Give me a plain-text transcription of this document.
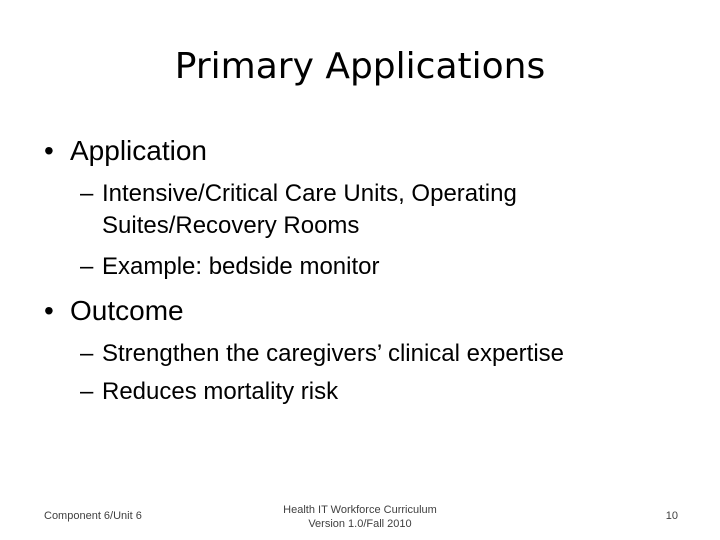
Primary Applications
• Application
– Intensive/Critical Care Units, Operating Suites/Recovery Rooms
– Example: bedside monitor
• Outcome
– Strengthen the caregivers’ clinical expertise
– Reduces mortality risk
Component 6/Unit 6	Health IT Workforce Curriculum
Version 1.0/Fall 2010
10
